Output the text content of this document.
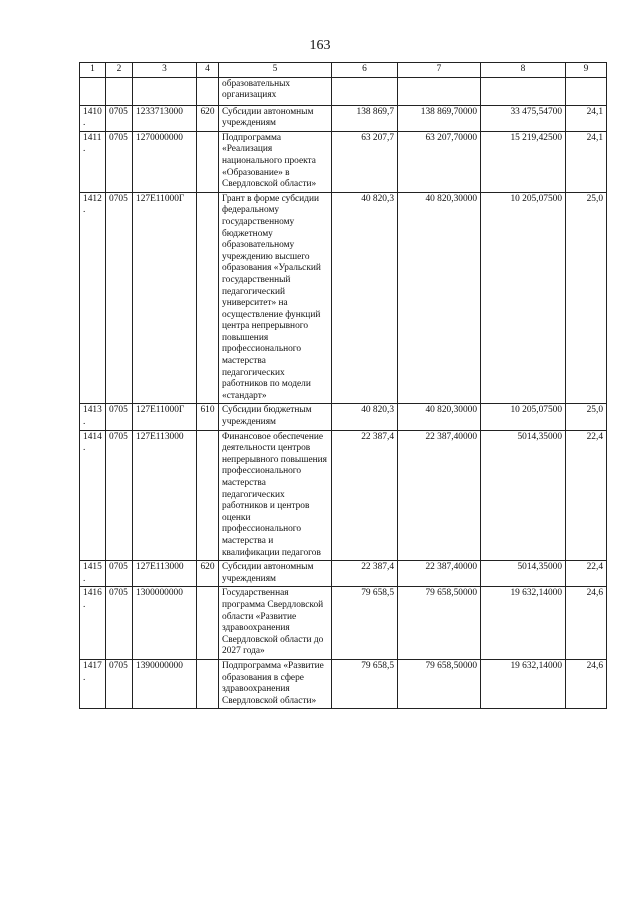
163
1	2	3	4	5	6	7	8	9
				образовательных организациях				
1410.	0705	1233713000	620	Субсидии автономным учреждениям	138 869,7	138 869,70000	33 475,54700	24,1
1411.	0705	1270000000		Подпрограмма «Реализация национального проекта «Образование» в Свердловской области»	63 207,7	63 207,70000	15 219,42500	24,1
1412.	0705	127E11000Г		Грант в форме субсидии федеральному государственному бюджетному образовательному учреждению высшего образования «Уральский государственный педагогический университет» на осуществление функций центра непрерывного повышения профессионального мастерства педагогических работников по модели «стандарт»	40 820,3	40 820,30000	10 205,07500	25,0
1413.	0705	127E11000Г	610	Субсидии бюджетным учреждениям	40 820,3	40 820,30000	10 205,07500	25,0
1414.	0705	127E113000		Финансовое обеспечение деятельности центров непрерывного повышения профессионального мастерства педагогических работников и центров оценки профессионального мастерства и квалификации педагогов	22 387,4	22 387,40000	5014,35000	22,4
1415.	0705	127E113000	620	Субсидии автономным учреждениям	22 387,4	22 387,40000	5014,35000	22,4
1416.	0705	1300000000		Государственная программа Свердловской области «Развитие здравоохранения Свердловской области до 2027 года»	79 658,5	79 658,50000	19 632,14000	24,6
1417.	0705	1390000000		Подпрограмма «Развитие образования в сфере здравоохранения Свердловской области»	79 658,5	79 658,50000	19 632,14000	24,6
